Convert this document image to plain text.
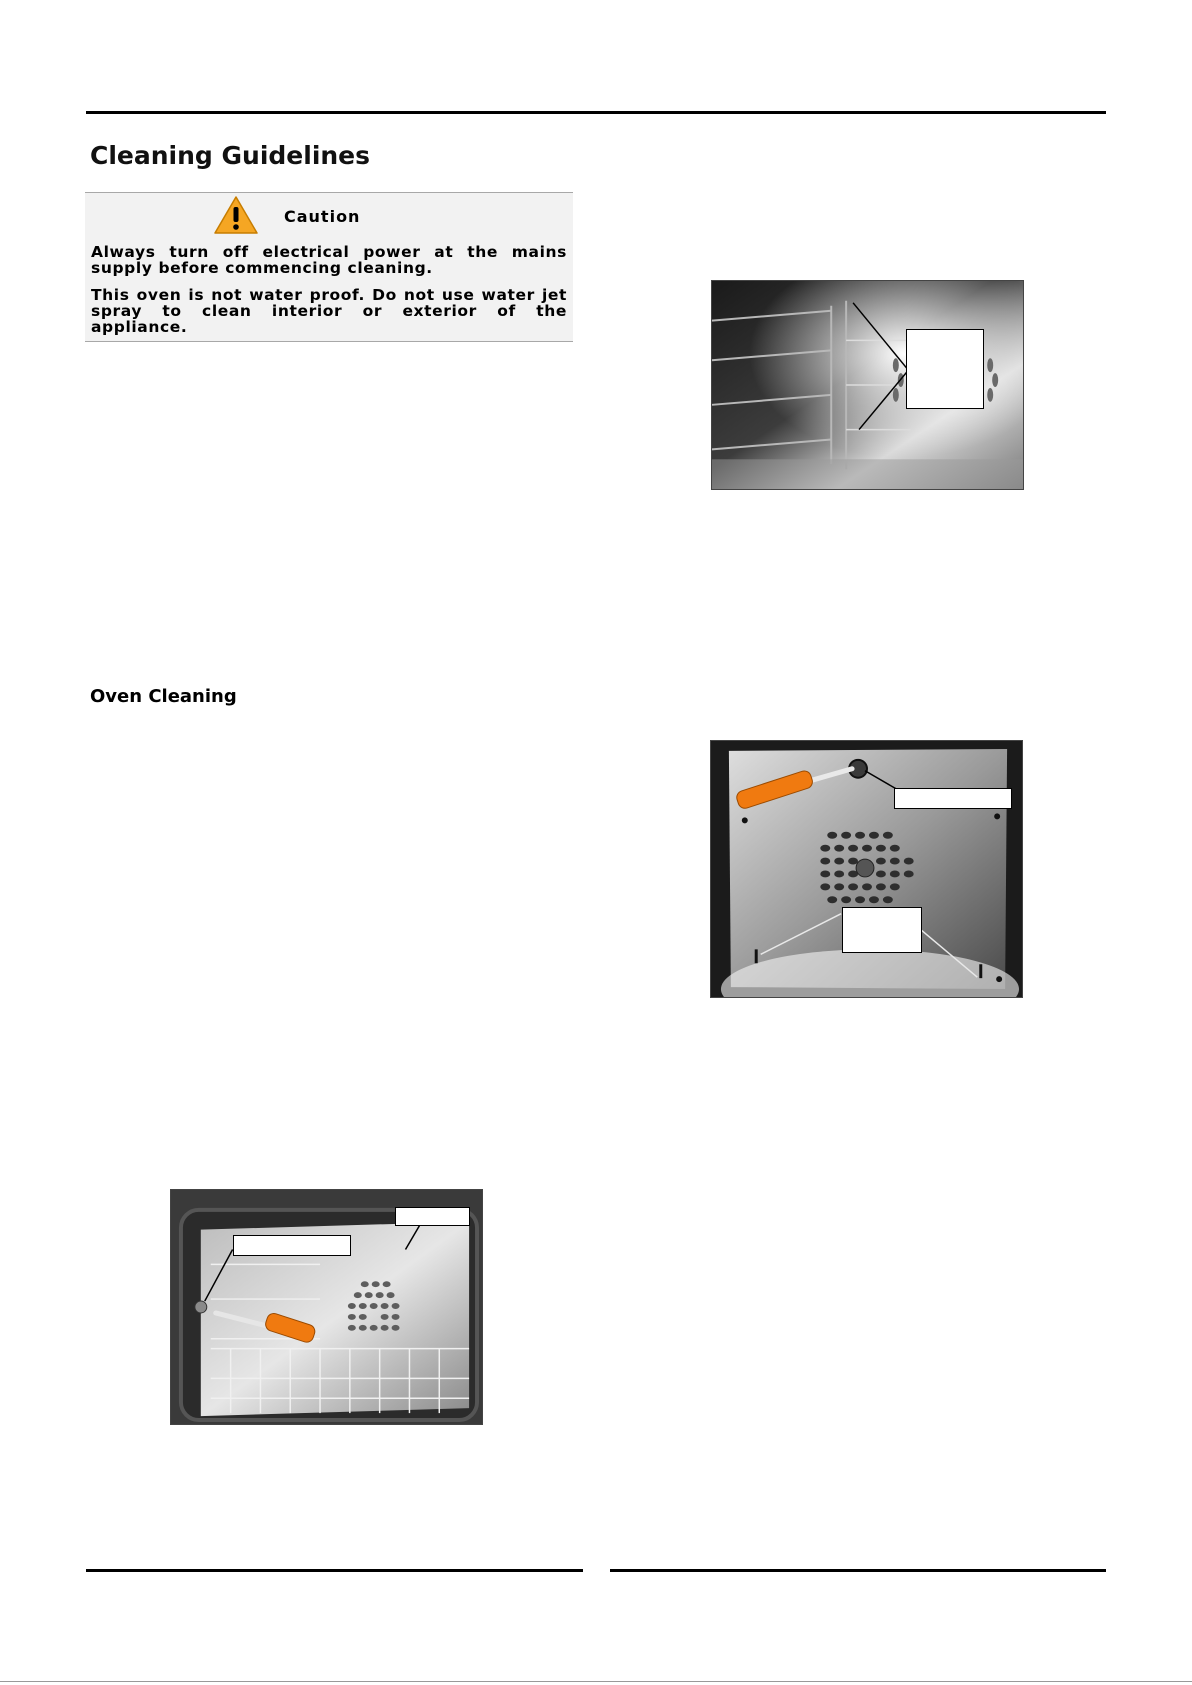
Cleaning Guidelines
Caution

Always turn off electrical power at the mains supply before commencing cleaning.

This oven is not water proof. Do not use water jet spray to clean interior or exterior of the appliance.

Oven Cleaning
